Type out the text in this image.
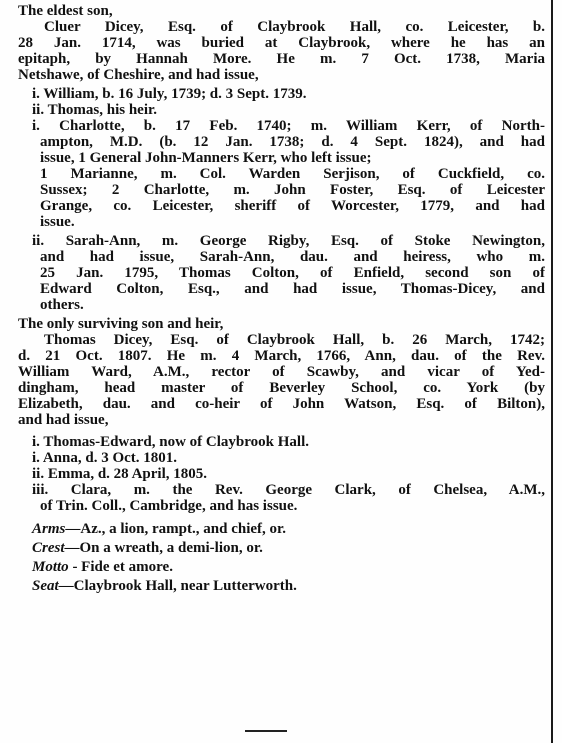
The eldest son,
Cluer Dicey, Esq. of Claybrook Hall, co. Leicester, b.
28 Jan. 1714, was buried at Claybrook, where he has an
epitaph, by Hannah More. He m. 7 Oct. 1738, Maria
Netshawe, of Cheshire, and had issue,
i. William, b. 16 July, 1739; d. 3 Sept. 1739.
ii. Thomas, his heir.
i. Charlotte, b. 17 Feb. 1740; m. William Kerr, of North-
ampton, M.D. (b. 12 Jan. 1738; d. 4 Sept. 1824), and had
issue, 1 General John-Manners Kerr, who left issue;
1 Marianne, m. Col. Warden Serjison, of Cuckfield, co.
Sussex; 2 Charlotte, m. John Foster, Esq. of Leicester
Grange, co. Leicester, sheriff of Worcester, 1779, and had
issue.
ii. Sarah-Ann, m. George Rigby, Esq. of Stoke Newington,
and had issue, Sarah-Ann, dau. and heiress, who m.
25 Jan. 1795, Thomas Colton, of Enfield, second son of
Edward Colton, Esq., and had issue, Thomas-Dicey, and
others.
The only surviving son and heir,
Thomas Dicey, Esq. of Claybrook Hall, b. 26 March, 1742;
d. 21 Oct. 1807. He m. 4 March, 1766, Ann, dau. of the Rev.
William Ward, A.M., rector of Scawby, and vicar of Yed-
dingham, head master of Beverley School, co. York (by
Elizabeth, dau. and co-heir of John Watson, Esq. of Bilton),
and had issue,
i. Thomas-Edward, now of Claybrook Hall.
i. Anna, d. 3 Oct. 1801.
ii. Emma, d. 28 April, 1805.
iii. Clara, m. the Rev. George Clark, of Chelsea, A.M.,
of Trin. Coll., Cambridge, and has issue.
Arms—Az., a lion, rampt., and chief, or.
Crest—On a wreath, a demi-lion, or.
Motto - Fide et amore.
Seat—Claybrook Hall, near Lutterworth.
